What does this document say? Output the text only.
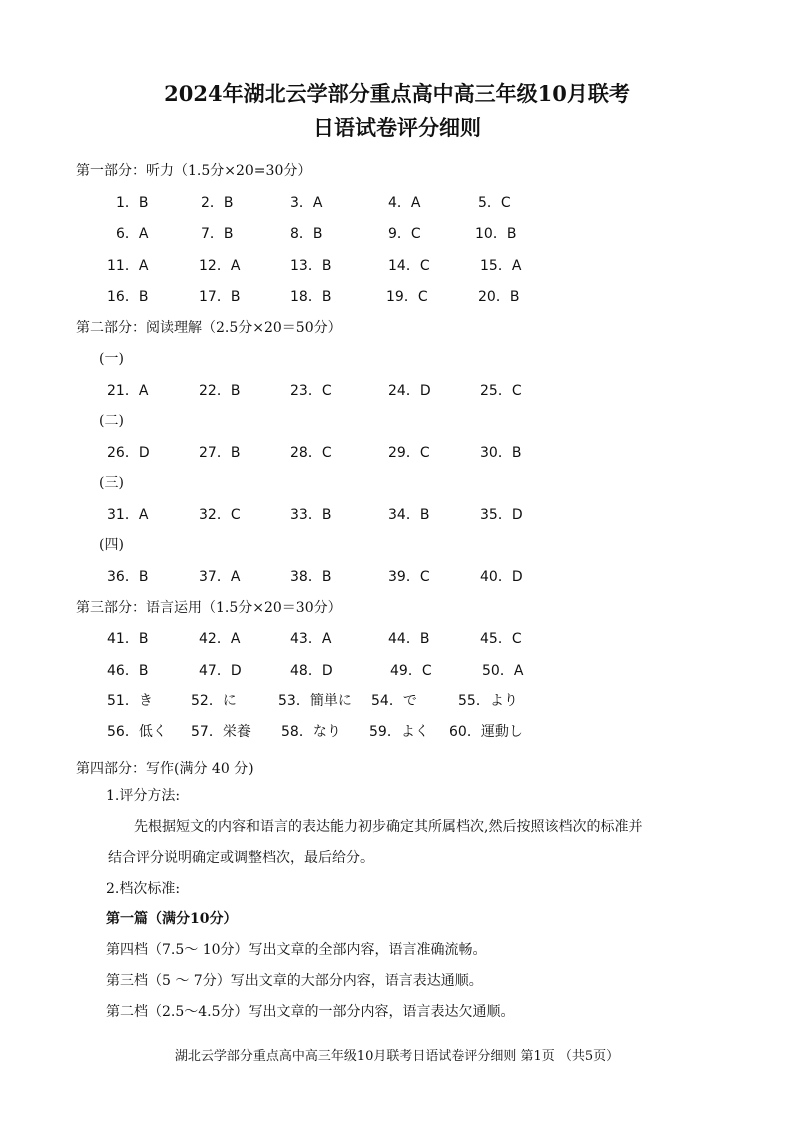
2024年湖北云学部分重点高中高三年级10月联考
日语试卷评分细则
第一部分：听力（1.5分×20=30分）
1．B	2．B	3．A	4．A	5．C
6．A	7．B	8．B	9．C	10．B
11．A	12．A	13．B	14．C	15．A
16．B	17．B	18．B	19．C	20．B
第二部分：阅读理解（2.5分×20＝50分）
(一)
21．A	22．B	23．C	24．D	25．C
(二)
26．D	27．B	28．C	29．C	30．B
(三)
31．A	32．C	33．B	34．B	35．D
(四)
36．B	37．A	38．B	39．C	40．D
第三部分：语言运用（1.5分×20＝30分）
41．B	42．A	43．A	44．B	45．C
46．B	47．D	48．D	49．C	50．A
51．き	52．に	53．簡単に 54．で	55．より
56．低く 57．栄養 58．なり 59．よく 60．運動し
第四部分：写作(满分 40 分)
1.评分方法:
先根据短文的内容和语言的表达能力初步确定其所属档次,然后按照该档次的标准并
结合评分说明确定或调整档次，最后给分。
2.档次标准:
第一篇（满分10分）
第四档（7.5～ 10分）写出文章的全部内容，语言准确流畅。
第三档（5 ～ 7分）写出文章的大部分内容，语言表达通顺。
第二档（2.5～4.5分）写出文章的一部分内容，语言表达欠通顺。
湖北云学部分重点高中高三年级10月联考日语试卷评分细则 第1页 （共5页）
